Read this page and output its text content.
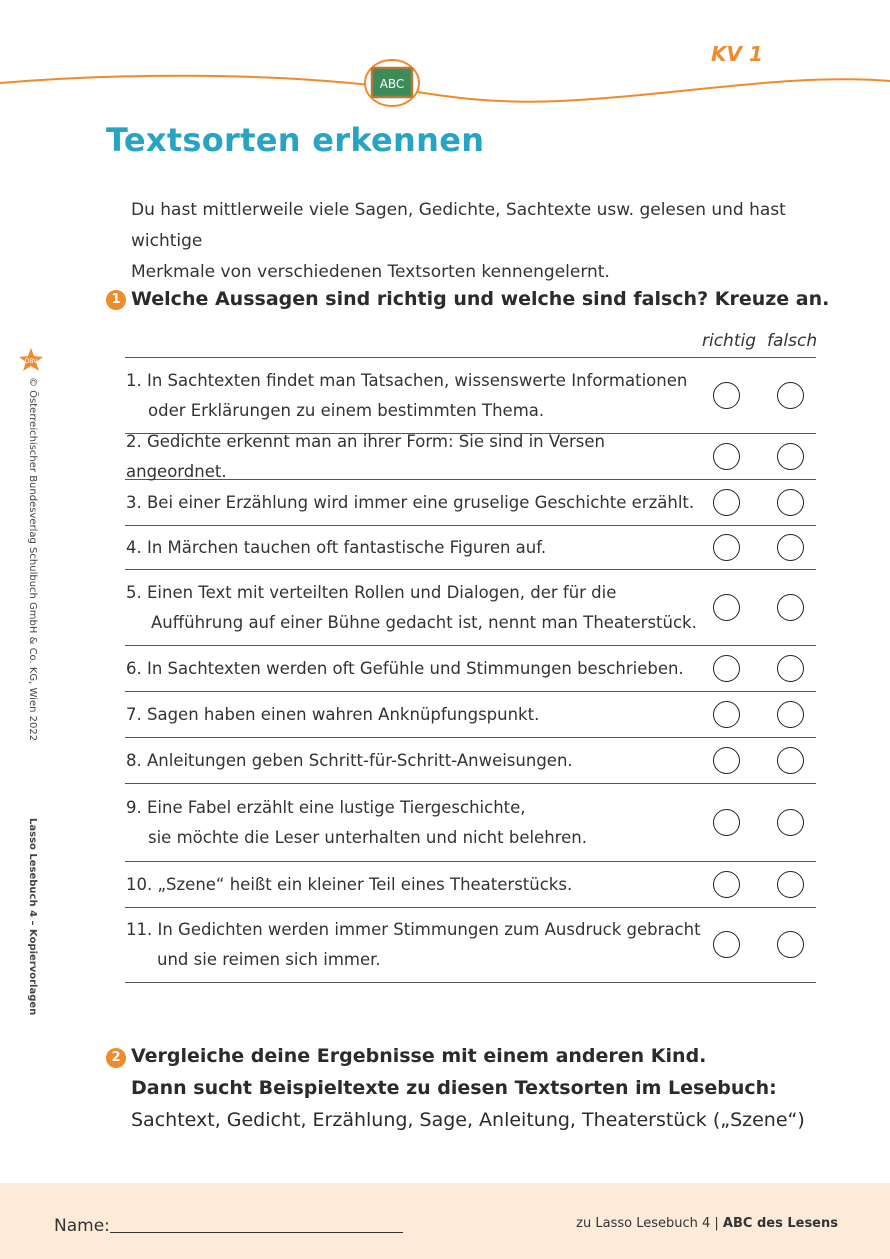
KV 1
ABC
Textsorten erkennen
Du hast mittlerweile viele Sagen, Gedichte, Sachtexte usw. gelesen und hast wichtige
Merkmale von verschiedenen Textsorten kennengelernt.
1 Welche Aussagen sind richtig und welche sind falsch? Kreuze an.
richtig falsch
1. In Sachtexten findet man Tatsachen, wissenswerte Informationen
oder Erklärungen zu einem bestimmten Thema.
2. Gedichte erkennt man an ihrer Form: Sie sind in Versen angeordnet.
3. Bei einer Erzählung wird immer eine gruselige Geschichte erzählt.
4. In Märchen tauchen oft fantastische Figuren auf.
5. Einen Text mit verteilten Rollen und Dialogen, der für die
Aufführung auf einer Bühne gedacht ist, nennt man Theaterstück.
6. In Sachtexten werden oft Gefühle und Stimmungen beschrieben.
7. Sagen haben einen wahren Anknüpfungspunkt.
8. Anleitungen geben Schritt-für-Schritt-Anweisungen.
9. Eine Fabel erzählt eine lustige Tiergeschichte,
sie möchte die Leser unterhalten und nicht belehren.
10. „Szene“ heißt ein kleiner Teil eines Theaterstücks.
11. In Gedichten werden immer Stimmungen zum Ausdruck gebracht
und sie reimen sich immer.
2 Vergleiche deine Ergebnisse mit einem anderen Kind.
Dann sucht Beispieltexte zu diesen Textsorten im Lesebuch:
Sachtext, Gedicht, Erzählung, Sage, Anleitung, Theaterstück („Szene“)
ÖBV
© Österreichischer Bundesverlag Schulbuch GmbH & Co. KG, Wien 2022
Lasso Lesebuch 4 – Kopiervorlagen
Name:	zu Lasso Lesebuch 4 | ABC des Lesens
